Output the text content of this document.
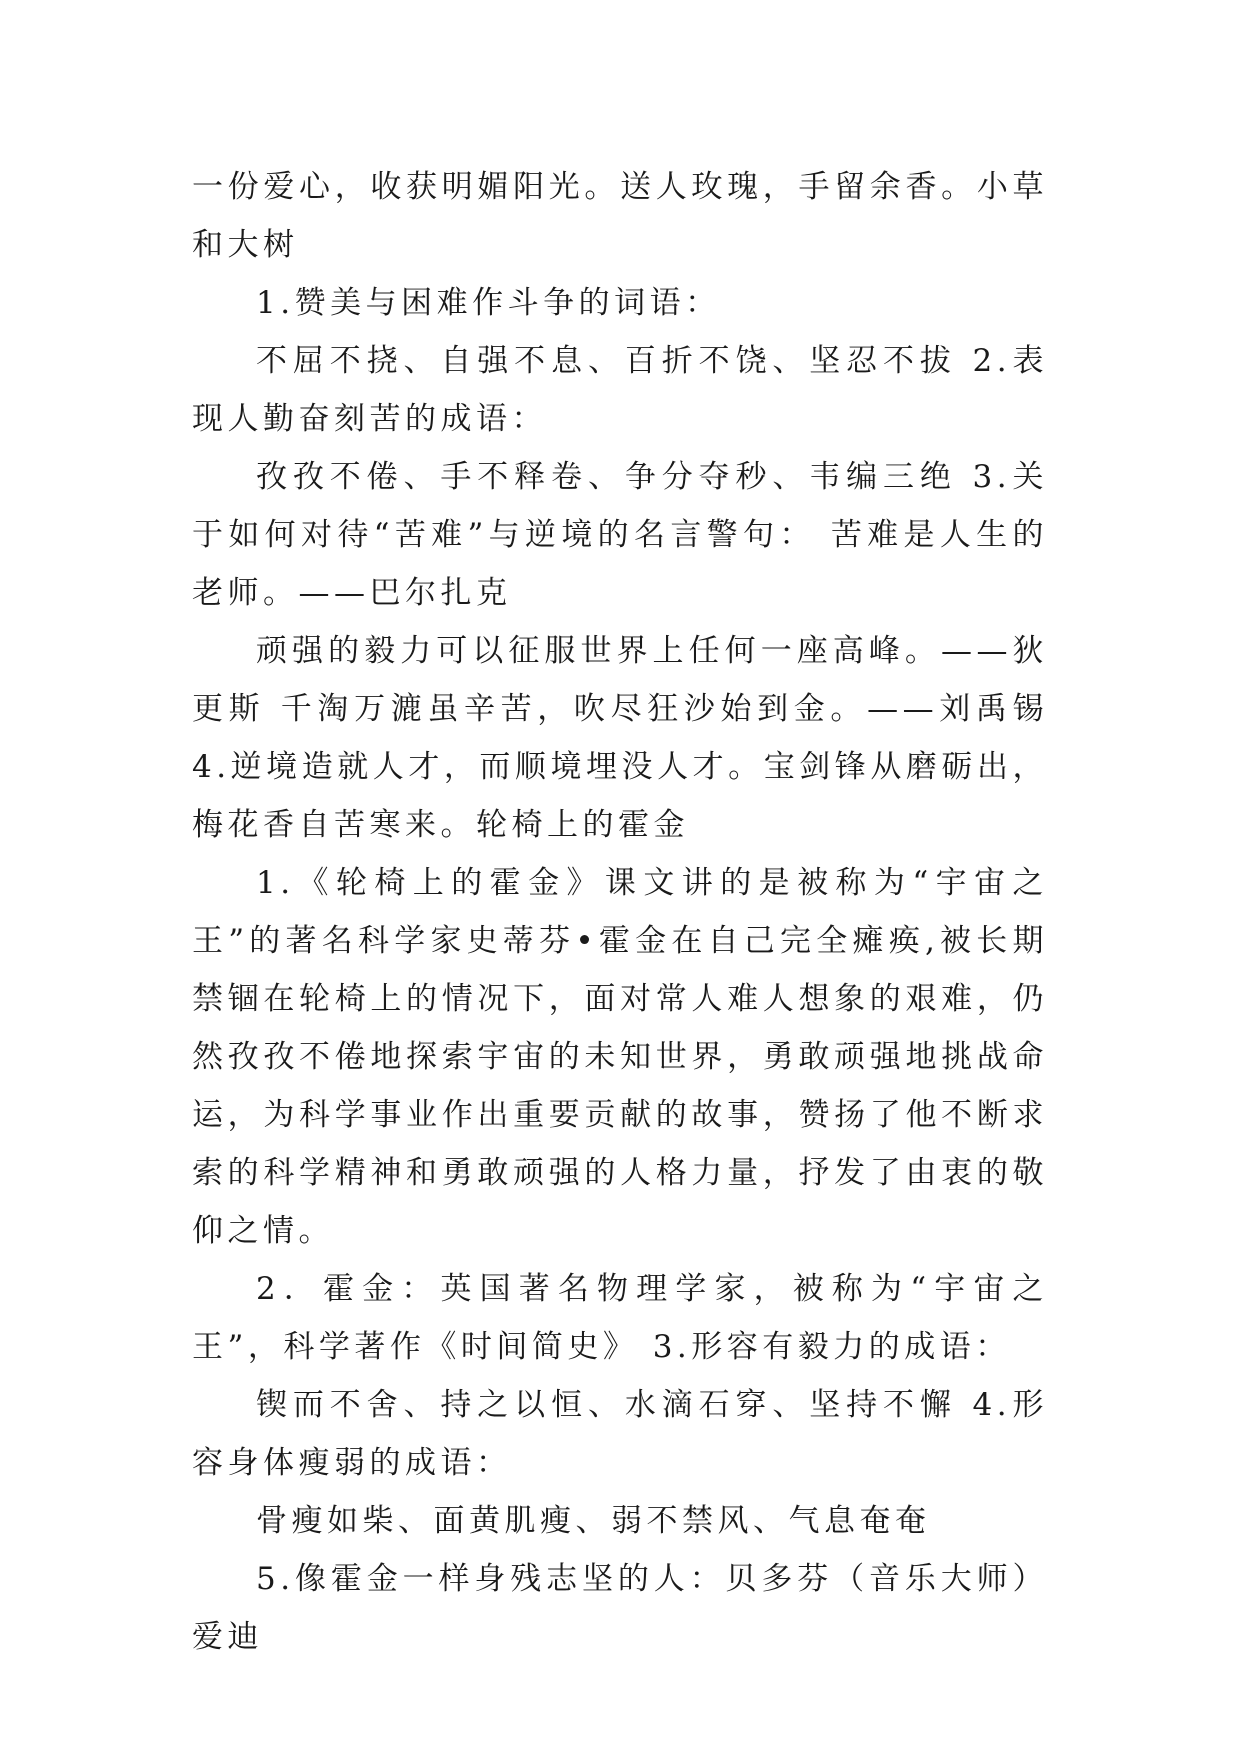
一份爱心，收获明媚阳光。送人玫瑰，手留余香。小草和大树

1.赞美与困难作斗争的词语：

不屈不挠、自强不息、百折不饶、坚忍不拔 2.表现人勤奋刻苦的成语：

孜孜不倦、手不释卷、争分夺秒、韦编三绝 3.关于如何对待“苦难”与逆境的名言警句： 苦难是人生的老师。——巴尔扎克

顽强的毅力可以征服世界上任何一座高峰。——狄更斯 千淘万漉虽辛苦，吹尽狂沙始到金。——刘禹锡 4.逆境造就人才，而顺境埋没人才。宝剑锋从磨砺出，梅花香自苦寒来。轮椅上的霍金

1.《轮椅上的霍金》课文讲的是被称为“宇宙之王”的著名科学家史蒂芬•霍金在自己完全瘫痪,被长期禁锢在轮椅上的情况下，面对常人难人想象的艰难，仍然孜孜不倦地探索宇宙的未知世界，勇敢顽强地挑战命运，为科学事业作出重要贡献的故事，赞扬了他不断求索的科学精神和勇敢顽强的人格力量，抒发了由衷的敬仰之情。

2．霍金：英国著名物理学家，被称为“宇宙之王”，科学著作《时间简史》 3.形容有毅力的成语：

锲而不舍、持之以恒、水滴石穿、坚持不懈 4.形容身体瘦弱的成语：

骨瘦如柴、面黄肌瘦、弱不禁风、气息奄奄

5.像霍金一样身残志坚的人：贝多芬（音乐大师）爱迪
